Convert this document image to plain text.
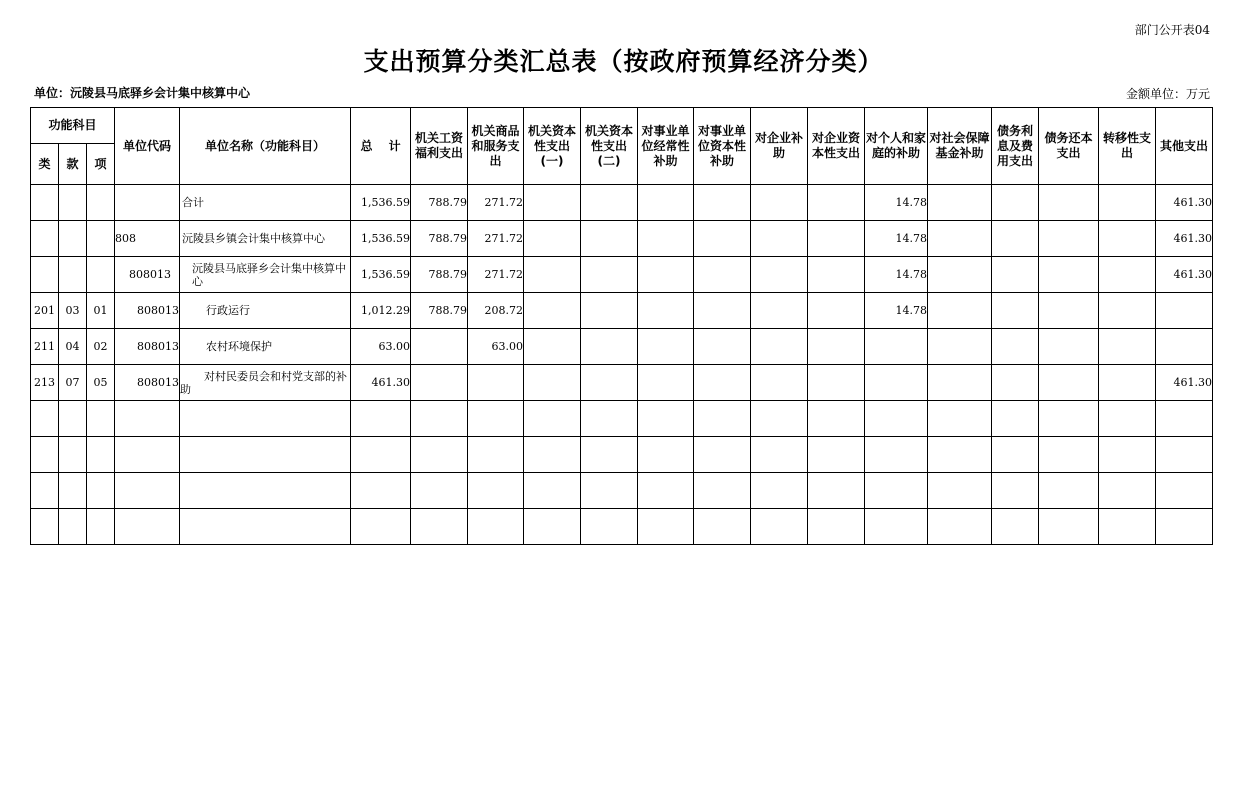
部门公开表04
支出预算分类汇总表（按政府预算经济分类）
单位：沅陵县马底驿乡会计集中核算中心	金额单位：万元
功能科目			单位代码	单位名称（功能科目）	总　 计	机关工资福利支出	机关商品和服务支出	机关资本性支出(一)	机关资本性支出(二)	对事业单位经常性补助	对事业单位资本性补助	对企业补助	对企业资本性支出	对个人和家庭的补助	对社会保障基金补助	债务利息及费用支出	债务还本支出	转移性支出	其他支出
类	款	项																	
				合计	1,536.59	788.79	271.72							14.78					461.30
			808	沅陵县乡镇会计集中核算中心	1,536.59	788.79	271.72							14.78					461.30
			808013	沅陵县马底驿乡会计集中核算中心	1,536.59	788.79	271.72							14.78					461.30
201	03	01	808013	行政运行	1,012.29	788.79	208.72							14.78					
211	04	02	808013	农村环境保护	63.00		63.00												
213	07	05	808013	对村民委员会和村党支部的补助	461.30														461.30
